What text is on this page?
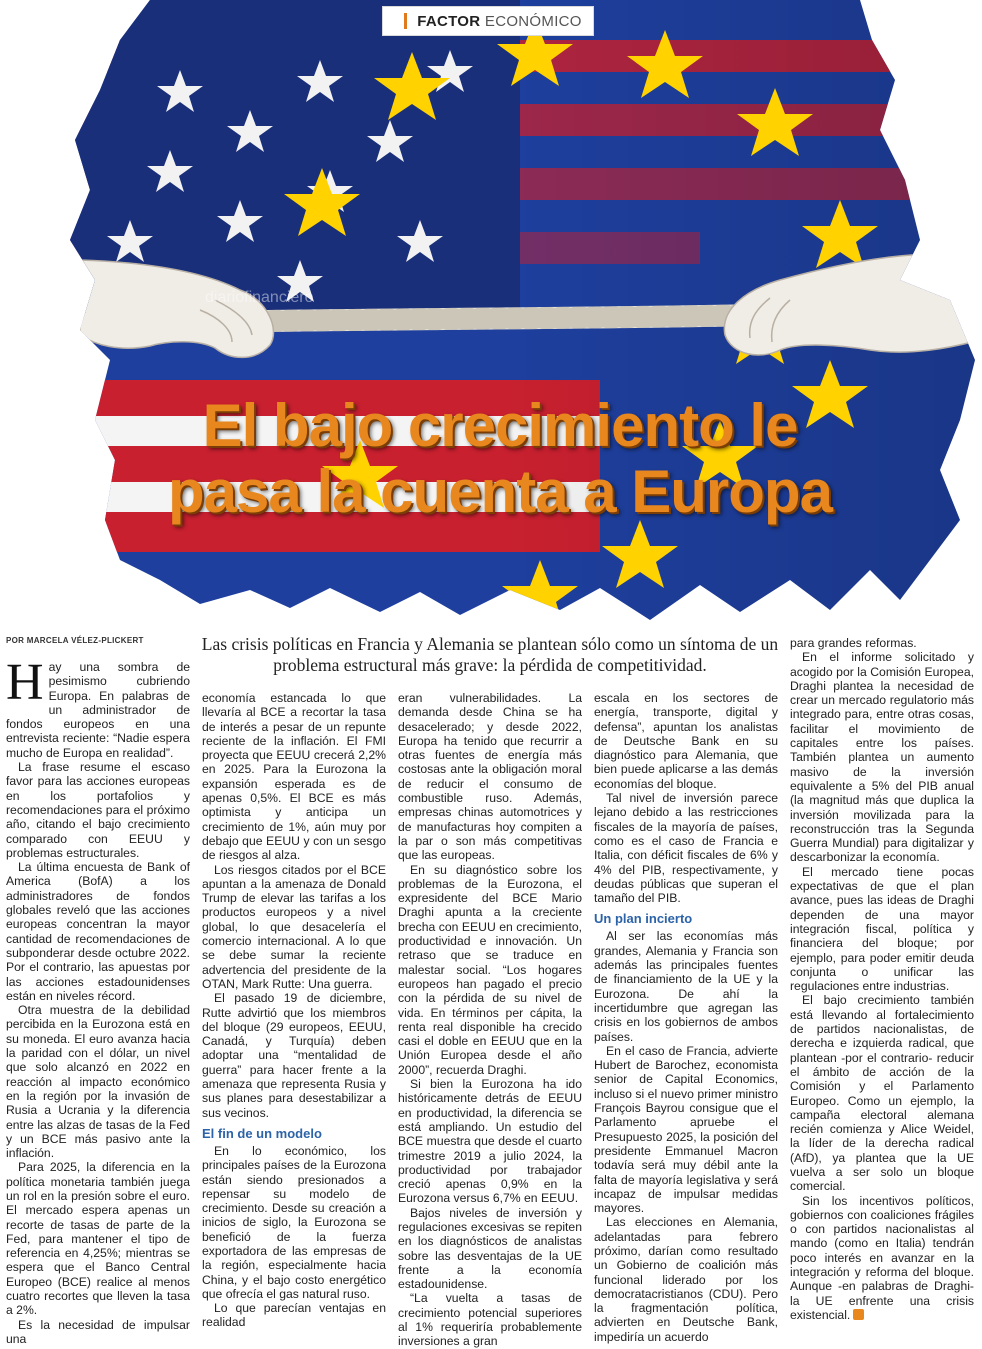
diariofinanciero
FACTOR
ECONÓMICO
El bajo crecimiento le
pasa la cuenta a Europa
POR MARCELA VÉLEZ-PLICKERT	Las crisis políticas en Francia y Alemania se plantean sólo como un síntoma de un problema estructural más grave: la pérdida de competitividad.

Hay una sombra de pesimismo cubriendo Europa. En palabras de un administrador de fondos europeos en una entrevista reciente: “Nadie espera mucho de Europa en realidad”.

La frase resume el escaso favor para las acciones europeas en los portafolios y recomendaciones para el próximo año, citando el bajo crecimiento comparado con EEUU y problemas estructurales.

La última encuesta de Bank of America (BofA) a los administradores de fondos globales reveló que las acciones europeas concentran la mayor cantidad de recomendaciones de subponderar desde octubre 2022. Por el contrario, las apuestas por las acciones estadounidenses están en niveles récord.

Otra muestra de la debilidad percibida en la Eurozona está en su moneda. El euro avanza hacia la paridad con el dólar, un nivel que solo alcanzó en 2022 en reacción al impacto económico en la región por la invasión de Rusia a Ucrania y la diferencia entre las alzas de tasas de la Fed y un BCE más pasivo ante la inflación.

Para 2025, la diferencia en la política monetaria también juega un rol en la presión sobre el euro. El mercado espera apenas un recorte de tasas de parte de la Fed, para mantener el tipo de referencia en 4,25%; mientras se espera que el Banco Central Europeo (BCE) realice al menos cuatro recortes que lleven la tasa a 2%.

Es la necesidad de impulsar una

economía estancada lo que llevaría al BCE a recortar la tasa de interés a pesar de un repunte reciente de la inflación. El FMI proyecta que EEUU crecerá 2,2% en 2025. Para la Eurozona la expansión esperada es de apenas 0,5%. El BCE es más optimista y anticipa un crecimiento de 1%, aún muy por debajo que EEUU y con un sesgo de riesgos al alza.

Los riesgos citados por el BCE apuntan a la amenaza de Donald Trump de elevar las tarifas a los productos europeos y a nivel global, lo que desacelería el comercio internacional. A lo que se debe sumar la reciente advertencia del presidente de la OTAN, Mark Rutte: Una guerra.

El pasado 19 de diciembre, Rutte advirtió que los miembros del bloque (29 europeos, EEUU, Canadá, y Turquía) deben adoptar una “mentalidad de guerra” para hacer frente a la amenaza que representa Rusia y sus planes para desestabilizar a sus vecinos.

El fin de un modelo

En lo económico, los principales países de la Eurozona están siendo presionados a repensar su modelo de crecimiento. Desde su creación a inicios de siglo, la Eurozona se benefició de la fuerza exportadora de las empresas de la región, especialmente hacia China, y el bajo costo energético que ofrecía el gas natural ruso.

Lo que parecían ventajas en realidad

eran vulnerabilidades. La demanda desde China se ha desacelerado; y desde 2022, Europa ha tenido que recurrir a otras fuentes de energía más costosas ante la obligación moral de reducir el consumo de combustible ruso. Además, empresas chinas automotrices y de manufacturas hoy compiten a la par o son más competitivas que las europeas.

En su diagnóstico sobre los problemas de la Eurozona, el expresidente del BCE Mario Draghi apunta a la creciente brecha con EEUU en crecimiento, productividad e innovación. Un retraso que se traduce en malestar social. “Los hogares europeos han pagado el precio con la pérdida de su nivel de vida. En términos per cápita, la renta real disponible ha crecido casi el doble en EEUU que en la Unión Europea desde el año 2000”, recuerda Draghi.

Si bien la Eurozona ha ido históricamente detrás de EEUU en productividad, la diferencia se está ampliando. Un estudio del BCE muestra que desde el cuarto trimestre 2019 a julio 2024, la productividad por trabajador creció apenas 0,9% en la Eurozona versus 6,7% en EEUU.

Bajos niveles de inversión y regulaciones excesivas se repiten en los diagnósticos de analistas sobre las desventajas de la UE frente a la economía estadounidense.

“La vuelta a tasas de crecimiento potencial superiores al 1% requeriría probablemente inversiones a gran

escala en los sectores de energía, transporte, digital y defensa”, apuntan los analistas de Deutsche Bank en su diagnóstico para Alemania, que bien puede aplicarse a las demás economías del bloque.

Tal nivel de inversión parece lejano debido a las restricciones fiscales de la mayoría de países, como es el caso de Francia e Italia, con déficit fiscales de 6% y 4% del PIB, respectivamente, y deudas públicas que superan el tamaño del PIB.

Un plan incierto

Al ser las economías más grandes, Alemania y Francia son además las principales fuentes de financiamiento de la UE y la Eurozona. De ahí la incertidumbre que agregan las crisis en los gobiernos de ambos países.

En el caso de Francia, advierte Hubert de Barochez, economista senior de Capital Economics, incluso si el nuevo primer ministro François Bayrou consigue que el Parlamento apruebe el Presupuesto 2025, la posición del presidente Emmanuel Macron todavía será muy débil ante la falta de mayoría legislativa y será incapaz de impulsar medidas mayores.

Las elecciones en Alemania, adelantadas para febrero próximo, darían como resultado un Gobierno de coalición más funcional liderado por los democratacristianos (CDU). Pero la fragmentación política, advierten en Deutsche Bank, impediría un acuerdo

para grandes reformas.

En el informe solicitado y acogido por la Comisión Europea, Draghi plantea la necesidad de crear un mercado regulatorio más integrado para, entre otras cosas, facilitar el movimiento de capitales entre los países. También plantea un aumento masivo de la inversión equivalente a 5% del PIB anual (la magnitud más que duplica la inversión movilizada para la reconstrucción tras la Segunda Guerra Mundial) para digitalizar y descarbonizar la economía.

El mercado tiene pocas expectativas de que el plan avance, pues las ideas de Draghi dependen de una mayor integración fiscal, política y financiera del bloque; por ejemplo, para poder emitir deuda conjunta o unificar las regulaciones entre industrias.

El bajo crecimiento también está llevando al fortalecimiento de partidos nacionalistas, de derecha e izquierda radical, que plantean -por el contrario- reducir el ámbito de acción de la Comisión y el Parlamento Europeo. Como un ejemplo, la campaña electoral alemana recién comienza y Alice Weidel, la líder de la derecha radical (AfD), ya plantea que la UE vuelva a ser solo un bloque comercial.

Sin los incentivos políticos, gobiernos con coaliciones frágiles o con partidos nacionalistas al mando (como en Italia) tendrán poco interés en avanzar en la integración y reforma del bloque. Aunque -en palabras de Draghi- la UE enfrente una crisis existencial.
